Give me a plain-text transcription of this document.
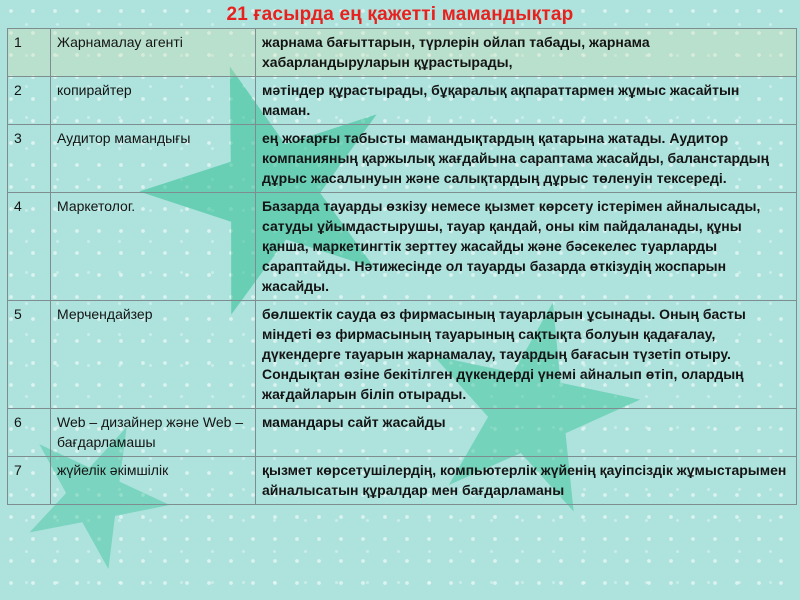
21 ғасырда ең қажетті мамандықтар
1	Жарнамалау агенті	жарнама бағыттарын, түрлерін ойлап табады, жарнама хабарландыруларын құрастырады,
2	копирайтер	мәтіндер құрастырады, бұқаралық ақпараттармен жұмыс жасайтын маман.
3	Аудитор мамандығы	ең жоғарғы табысты мамандықтардың қатарына жатады. Аудитор компанияның қаржылық жағдайына сараптама жасайды, баланстардың дұрыс жасалынуын және салықтардың дұрыс төленуін тексереді.
4	Маркетолог.	Базарда тауарды өзкізу немесе қызмет көрсету істерімен айналысады, сатуды ұйымдастырушы, тауар қандай, оны кім пайдаланады, құны қанша, маркетингтік зерттеу жасайды және бәсекелес туарларды сараптайды. Нәтижесінде ол тауарды базарда өткізудің жоспарын жасайды.
5	Мерчендайзер	бөлшектік сауда өз фирмасының тауарларын ұсынады. Оның басты міндеті өз фирмасының тауарының сақтықта болуын қадағалау, дүкендерге тауарын жарнамалау, тауардың бағасын түзетіп отыру. Сондықтан өзіне бекітілген дүкендерді үнемі айналып өтіп, олардың жағдайларын біліп отырады.
6	Web – дизайнер және Web – бағдарламашы	мамандары сайт жасайды
7	жүйелік әкімшілік	қызмет көрсетушілердің, компьютерлік жүйенің қауіпсіздік жұмыстарымен айналысатын құралдар мен бағдарламаны
